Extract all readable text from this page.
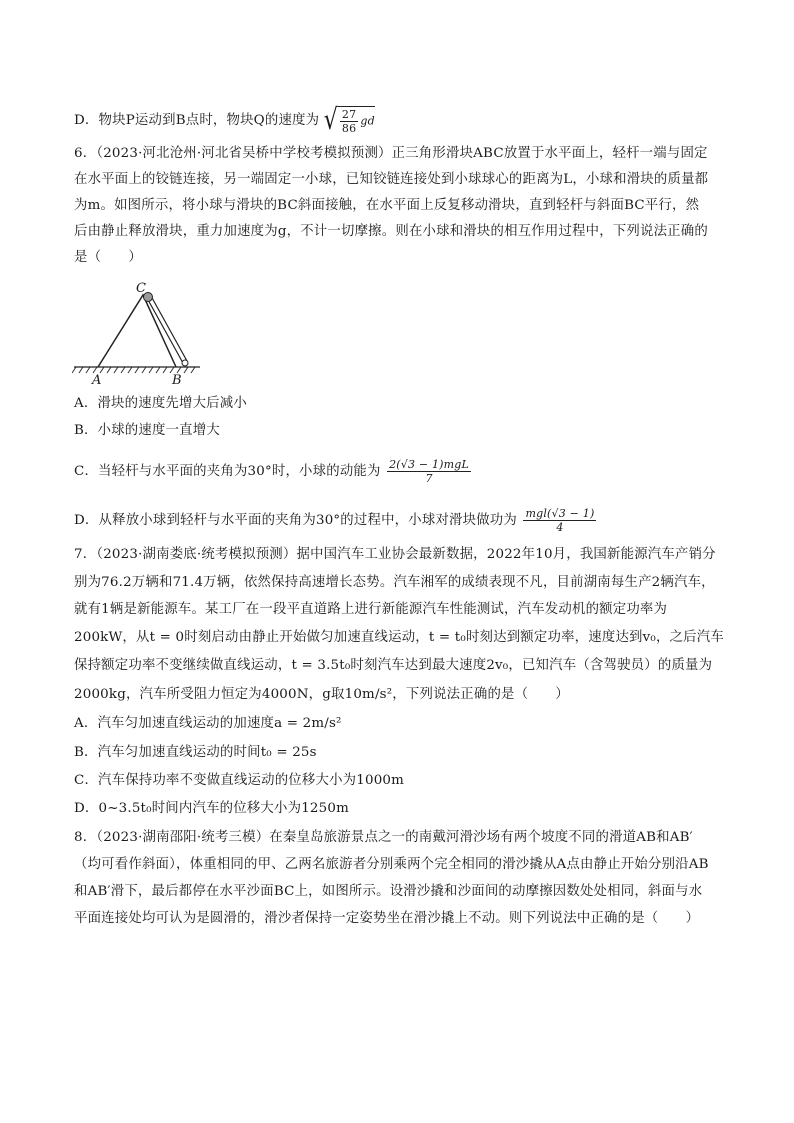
D．物块P运动到B点时，物块Q的速度为 √ $\frac{27}{86}$ gd
6．（2023·河北沧州·河北省吴桥中学校考模拟预测）正三角形滑块ABC放置于水平面上，轻杆一端与固定
在水平面上的铰链连接，另一端固定一小球，已知铰链连接处到小球球心的距离为L，小球和滑块的质量都
为m。如图所示，将小球与滑块的BC斜面接触，在水平面上反复移动滑块，直到轻杆与斜面BC平行，然
后由静止释放滑块，重力加速度为g，不计一切摩擦。则在小球和滑块的相互作用过程中，下列说法正确的
是（　　）
C
A	B
A．滑块的速度先增大后减小
B．小球的速度一直增大
C．当轻杆与水平面的夹角为30°时，小球的动能为 $\frac{\text{2(√3 − 1)mgL}}{7}$
D．从释放小球到轻杆与水平面的夹角为30°的过程中，小球对滑块做功为 $\frac{\text{mgl(√3 − 1)}}{4}$
7．（2023·湖南娄底·统考模拟预测）据中国汽车工业协会最新数据，2022年10月，我国新能源汽车产销分
别为76.2万辆和71.4万辆，依然保持高速增长态势。汽车湘军的成绩表现不凡，目前湖南每生产2辆汽车，
就有1辆是新能源车。某工厂在一段平直道路上进行新能源汽车性能测试，汽车发动机的额定功率为
200kW，从t = 0时刻启动由静止开始做匀加速直线运动，t = t₀时刻达到额定功率，速度达到v₀，之后汽车
保持额定功率不变继续做直线运动，t = 3.5t₀时刻汽车达到最大速度2v₀，已知汽车（含驾驶员）的质量为
2000kg，汽车所受阻力恒定为4000N，g取10m/s²，下列说法正确的是（　　）
A．汽车匀加速直线运动的加速度a = 2m/s²
B．汽车匀加速直线运动的时间t₀ = 25s
C．汽车保持功率不变做直线运动的位移大小为1000m
D．0~3.5t₀时间内汽车的位移大小为1250m
8．（2023·湖南邵阳·统考三模）在秦皇岛旅游景点之一的南戴河滑沙场有两个坡度不同的滑道AB和AB′
（均可看作斜面），体重相同的甲、乙两名旅游者分别乘两个完全相同的滑沙撬从A点由静止开始分别沿AB
和AB′滑下，最后都停在水平沙面BC上，如图所示。设滑沙撬和沙面间的动摩擦因数处处相同，斜面与水
平面连接处均可认为是圆滑的，滑沙者保持一定姿势坐在滑沙撬上不动。则下列说法中正确的是（　　）
